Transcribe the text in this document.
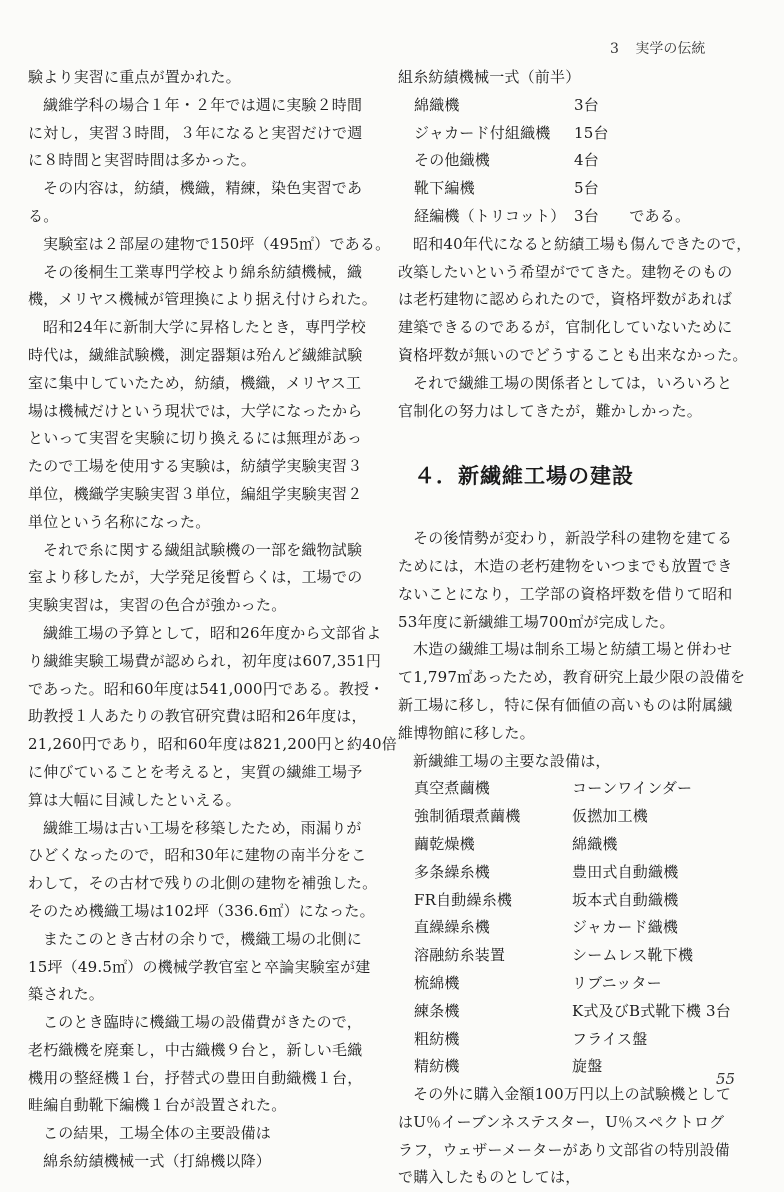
3 実学の伝統

験より実習に重点が置かれた。

繊維学科の場合１年・２年では週に実験２時間
に対し，実習３時間，３年になると実習だけで週
に８時間と実習時間は多かった。

その内容は，紡績，機織，精練，染色実習であ
る。

実験室は２部屋の建物で150坪（495㎡）である。

その後桐生工業専門学校より綿糸紡績機械，織
機，メリヤス機械が管理換により据え付けられた。

昭和24年に新制大学に昇格したとき，専門学校
時代は，繊維試験機，測定器類は殆んど繊維試験
室に集中していたため，紡績，機織，メリヤス工
場は機械だけという現状では，大学になったから
といって実習を実験に切り換えるには無理があっ
たので工場を使用する実験は，紡績学実験実習３
単位，機織学実験実習３単位，編組学実験実習２
単位という名称になった。

それで糸に関する繊組試験機の一部を織物試験
室より移したが，大学発足後暫らくは，工場での
実験実習は，実習の色合が強かった。

繊維工場の予算として，昭和26年度から文部省よ
り繊維実験工場費が認められ，初年度は607,351円
であった。昭和60年度は541,000円である。教授・
助教授１人あたりの教官研究費は昭和26年度は，
21,260円であり，昭和60年度は821,200円と約40倍
に伸びていることを考えると，実質の繊維工場予
算は大幅に目減したといえる。

繊維工場は古い工場を移築したため，雨漏りが
ひどくなったので，昭和30年に建物の南半分をこ
わして，その古材で残りの北側の建物を補強した。
そのため機織工場は102坪（336.6㎡）になった。

またこのとき古材の余りで，機織工場の北側に
15坪（49.5㎡）の機械学教官室と卒論実験室が建
築された。

このとき臨時に機織工場の設備費がきたので，
老朽織機を廃棄し，中古織機９台と，新しい毛織
機用の整経機１台，抒替式の豊田自動織機１台，
畦編自動靴下編機１台が設置された。

この結果，工場全体の主要設備は

綿糸紡績機械一式（打綿機以降）

組糸紡績機械一式（前半）
綿織機	3台
ジャカード付組織機	15台
その他織機	4台
靴下編機	5台
経編機（トリコット） 3台　　である。

昭和40年代になると紡績工場も傷んできたので，
改築したいという希望がでてきた。建物そのもの
は老朽建物に認められたので，資格坪数があれば
建築できるのであるが，官制化していないために
資格坪数が無いのでどうすることも出来なかった。

それで繊維工場の関係者としては，いろいろと
官制化の努力はしてきたが，難かしかった。

４．新繊維工場の建設

その後情勢が変わり，新設学科の建物を建てる
ためには，木造の老朽建物をいつまでも放置でき
ないことになり，工学部の資格坪数を借りて昭和
53年度に新繊維工場700㎡が完成した。

木造の繊維工場は制糸工場と紡績工場と併わせ
て1,797㎡あったため，教育研究上最少限の設備を
新工場に移し，特に保有価値の高いものは附属繊
維博物館に移した。

新繊維工場の主要な設備は，

真空煮繭機	コーンワインダー
強制循環煮繭機	仮撚加工機
繭乾燥機	綿織機
多条繰糸機	豊田式自動織機
FR自動繰糸機	坂本式自動織機
直繰繰糸機	ジャカード織機
溶融紡糸装置	シームレス靴下機
梳綿機	リブニッター
練条機	K式及びB式靴下機 3台
粗紡機	フライス盤
精紡機	旋盤

その外に購入金額100万円以上の試験機として
はU％イーブンネステスター，U％スペクトログ
ラフ，ウェザーメーターがあり文部省の特別設備
で購入したものとしては，

55
